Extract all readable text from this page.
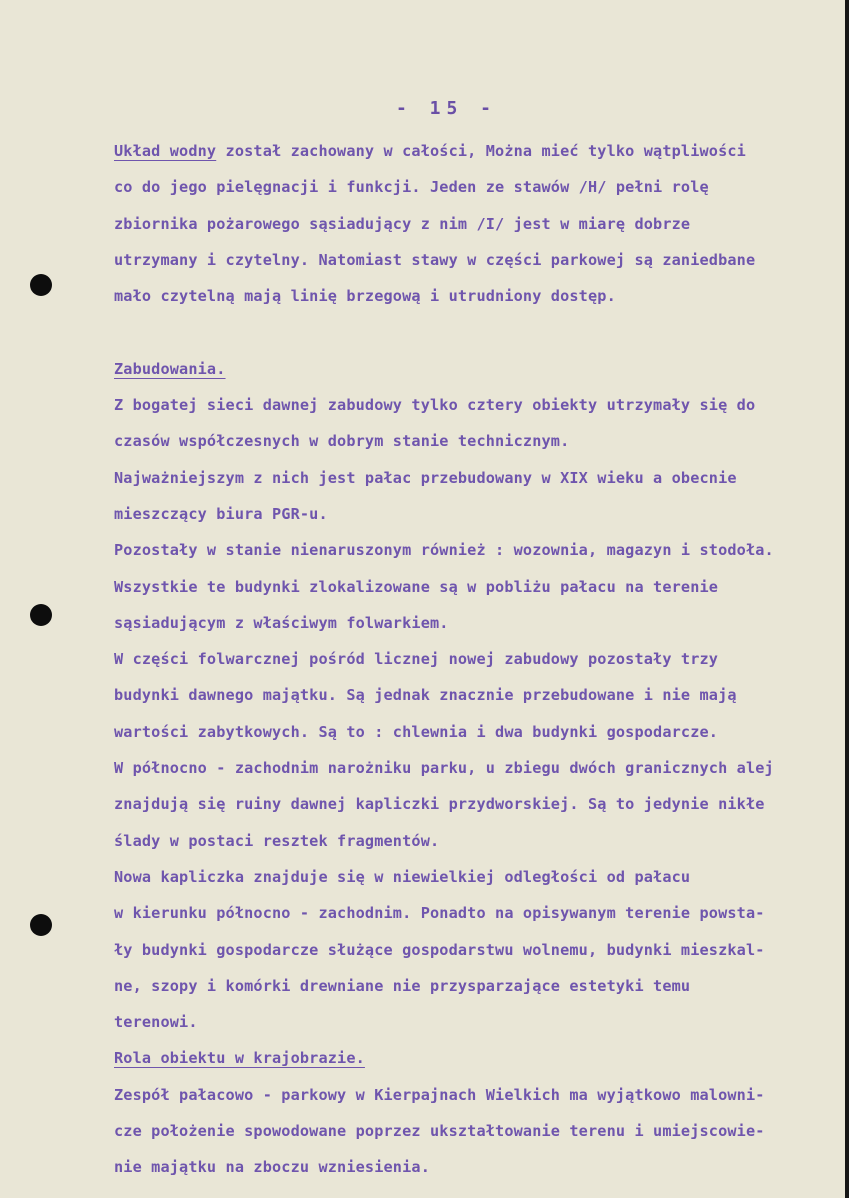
- 15 -
Układ wodny został zachowany w całości, Można mieć tylko wątpliwości
co do jego pielęgnacji i funkcji. Jeden ze stawów /H/ pełni rolę
zbiornika pożarowego sąsiadujący z nim /I/ jest w miarę dobrze
utrzymany i czytelny. Natomiast stawy w części parkowej są zaniedbane
mało czytelną mają linię brzegową i utrudniony dostęp.
Zabudowania.
Z bogatej sieci dawnej zabudowy tylko cztery obiekty utrzymały się do
czasów współczesnych w dobrym stanie technicznym.
Najważniejszym z nich jest pałac przebudowany w XIX wieku a obecnie
mieszczący biura PGR-u.
Pozostały w stanie nienaruszonym również : wozownia, magazyn i stodoła.
Wszystkie te budynki zlokalizowane są w pobliżu pałacu na terenie
sąsiadującym z właściwym folwarkiem.
W części folwarcznej pośród licznej nowej zabudowy pozostały trzy
budynki dawnego majątku. Są jednak znacznie przebudowane i nie mają
wartości zabytkowych. Są to : chlewnia i dwa budynki gospodarcze.
W północno - zachodnim narożniku parku, u zbiegu dwóch granicznych alej
znajdują się ruiny dawnej kapliczki przydworskiej. Są to jedynie nikłe
ślady w postaci resztek fragmentów.
Nowa kapliczka znajduje się w niewielkiej odległości od pałacu
w kierunku północno - zachodnim. Ponadto na opisywanym terenie powsta-
ły budynki gospodarcze służące gospodarstwu wolnemu, budynki mieszkal-
ne, szopy i komórki drewniane nie przysparzające estetyki temu
terenowi.
Rola obiektu w krajobrazie.
Zespół pałacowo - parkowy w Kierpajnach Wielkich ma wyjątkowo malowni-
cze położenie spowodowane poprzez ukształtowanie terenu i umiejscowie-
nie majątku na zboczu wzniesienia.
